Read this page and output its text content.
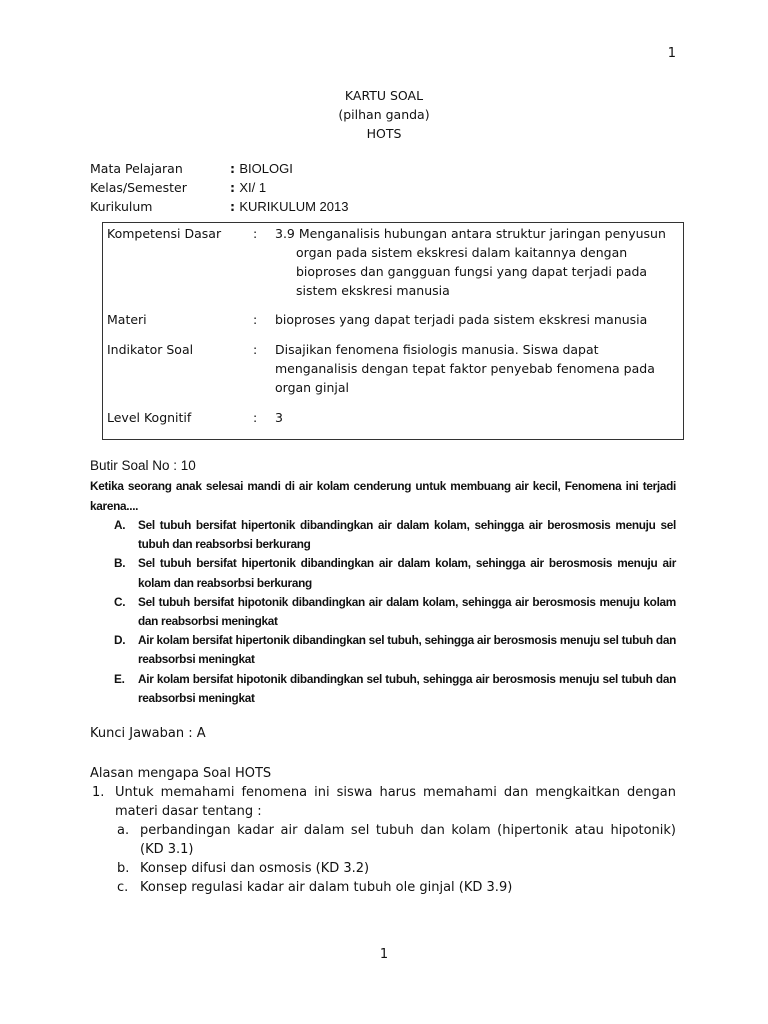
1
KARTU SOAL
(pilhan ganda)
HOTS
Mata Pelajaran	: BIOLOGI
Kelas/Semester	: XI/ 1
Kurikulum	: KURIKULUM 2013
Kompetensi Dasar	:	3.9 Menganalisis hubungan antara struktur jaringan penyusun
organ pada sistem ekskresi dalam kaitannya dengan bioproses dan gangguan fungsi yang dapat terjadi pada sistem ekskresi manusia
Materi	:	bioproses yang dapat terjadi pada sistem ekskresi manusia
Indikator Soal	:	Disajikan fenomena fisiologis manusia. Siswa dapat menganalisis dengan tepat faktor penyebab fenomena pada organ ginjal
Level Kognitif	:	3
Butir Soal No : 10
Ketika seorang anak selesai mandi di air kolam cenderung untuk membuang air kecil, Fenomena ini terjadi karena....
A.	Sel tubuh bersifat hipertonik dibandingkan air dalam kolam, sehingga air berosmosis menuju sel tubuh dan reabsorbsi berkurang
B.	Sel tubuh bersifat hipertonik dibandingkan air dalam kolam, sehingga air berosmosis menuju air kolam dan reabsorbsi berkurang
C.	Sel tubuh bersifat hipotonik dibandingkan air dalam kolam, sehingga air berosmosis menuju kolam dan reabsorbsi meningkat
D.	Air kolam bersifat hipertonik dibandingkan sel tubuh, sehingga air berosmosis menuju sel tubuh dan reabsorbsi meningkat
E.	Air kolam bersifat hipotonik dibandingkan sel tubuh, sehingga air berosmosis menuju sel tubuh dan reabsorbsi meningkat
Kunci Jawaban : A
Alasan mengapa Soal HOTS
1. Untuk memahami fenomena ini siswa harus memahami dan mengkaitkan dengan materi dasar tentang :
a. perbandingan kadar air dalam sel tubuh dan kolam (hipertonik atau hipotonik) (KD 3.1)
b. Konsep difusi dan osmosis (KD 3.2)
c. Konsep regulasi kadar air dalam tubuh ole ginjal (KD 3.9)
1
